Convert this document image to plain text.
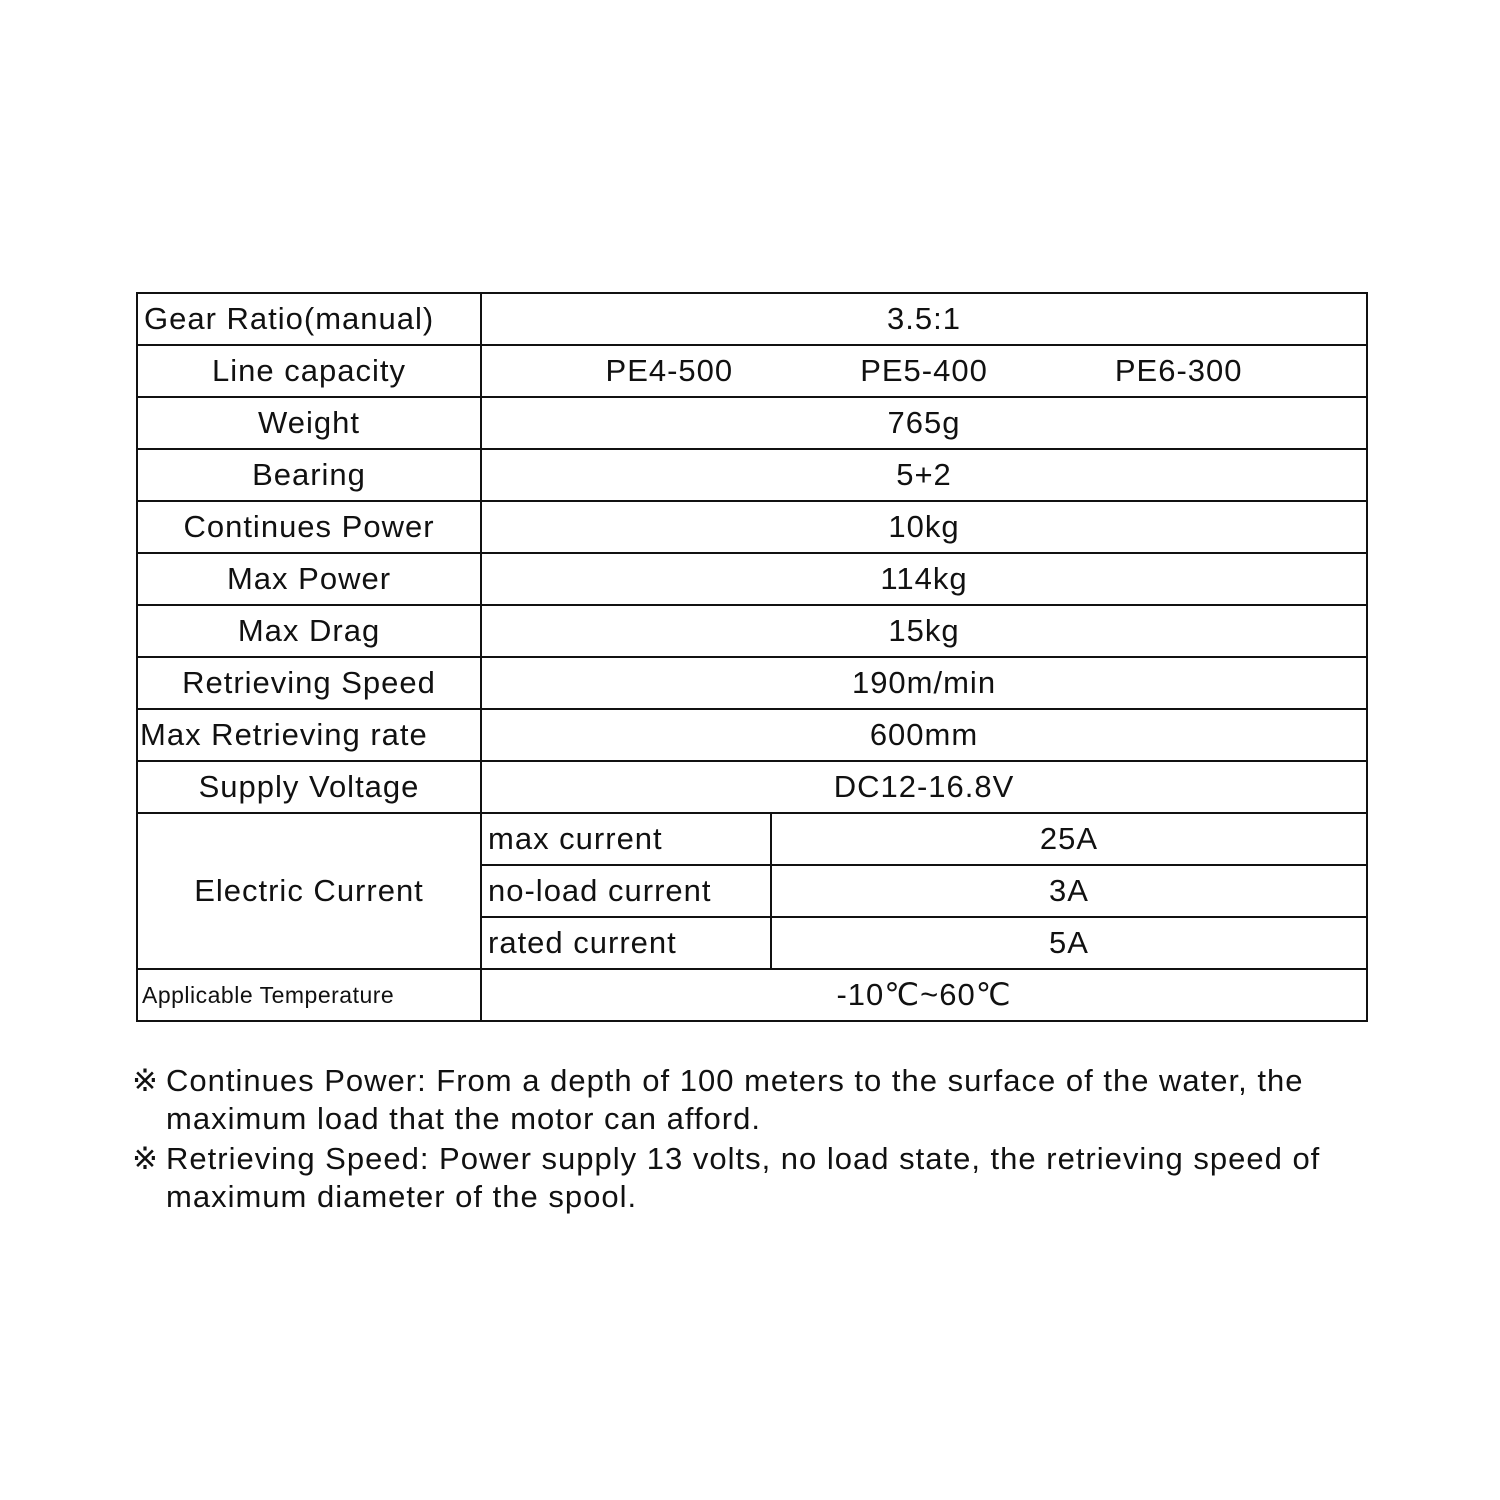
Gear Ratio(manual)	3.5:1	
Line capacity	PE4-500 PE5-400 PE6-300	

Weight	765g	
Bearing	5+2	
Continues Power	10kg	
Max Power	114kg	
Max Drag	15kg	
Retrieving Speed	190m/min	
Max Retrieving rate	600mm	
Supply Voltage	DC12-16.8V	
Electric Current	max current	25A
	no-load current	3A
	rated current	5A
Applicable Temperature	-10℃~60℃	
※ Continues Power: From a depth of 100 meters to the surface of the water, the maximum load that the motor can afford.
※ Retrieving Speed: Power supply 13 volts, no load state, the retrieving speed of maximum diameter of the spool.
